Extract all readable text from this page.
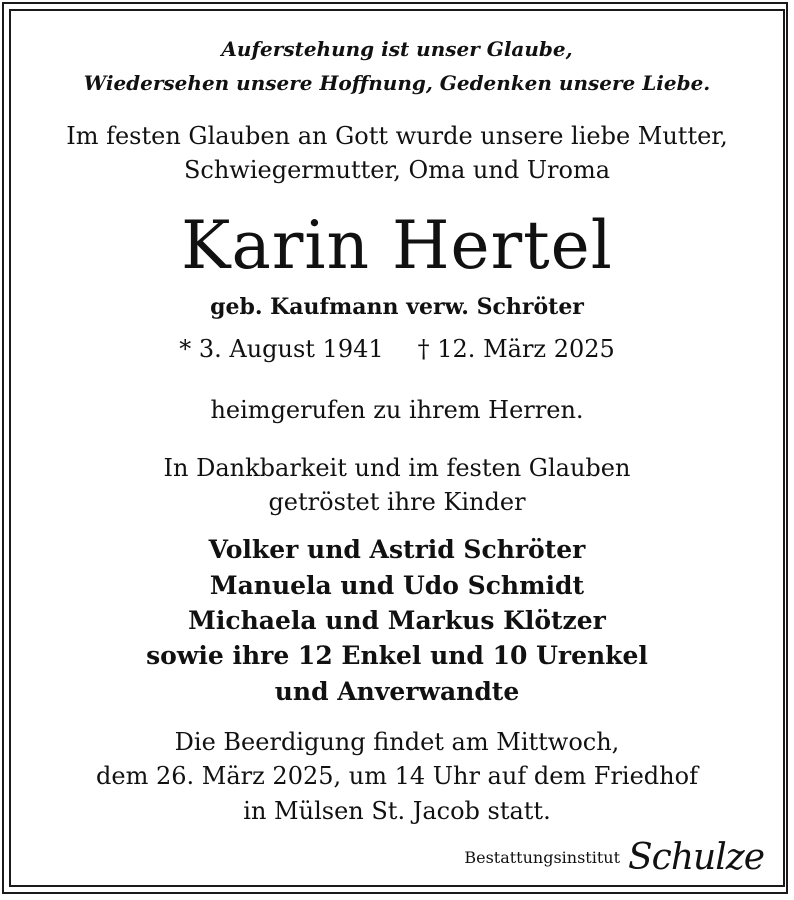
Auferstehung ist unser Glaube,
Wiedersehen unsere Hoffnung, Gedenken unsere Liebe.
Im festen Glauben an Gott wurde unsere liebe Mutter,
Schwiegermutter, Oma und Uroma
Karin Hertel
geb. Kaufmann verw. Schröter
* 3. August 1941 † 12. März 2025
heimgerufen zu ihrem Herren.
In Dankbarkeit und im festen Glauben
getröstet ihre Kinder
Volker und Astrid Schröter
Manuela und Udo Schmidt
Michaela und Markus Klötzer
sowie ihre 12 Enkel und 10 Urenkel
und Anverwandte
Die Beerdigung findet am Mittwoch,
dem 26. März 2025, um 14 Uhr auf dem Friedhof
in Mülsen St. Jacob statt.
Bestattungsinstitut Schulze
